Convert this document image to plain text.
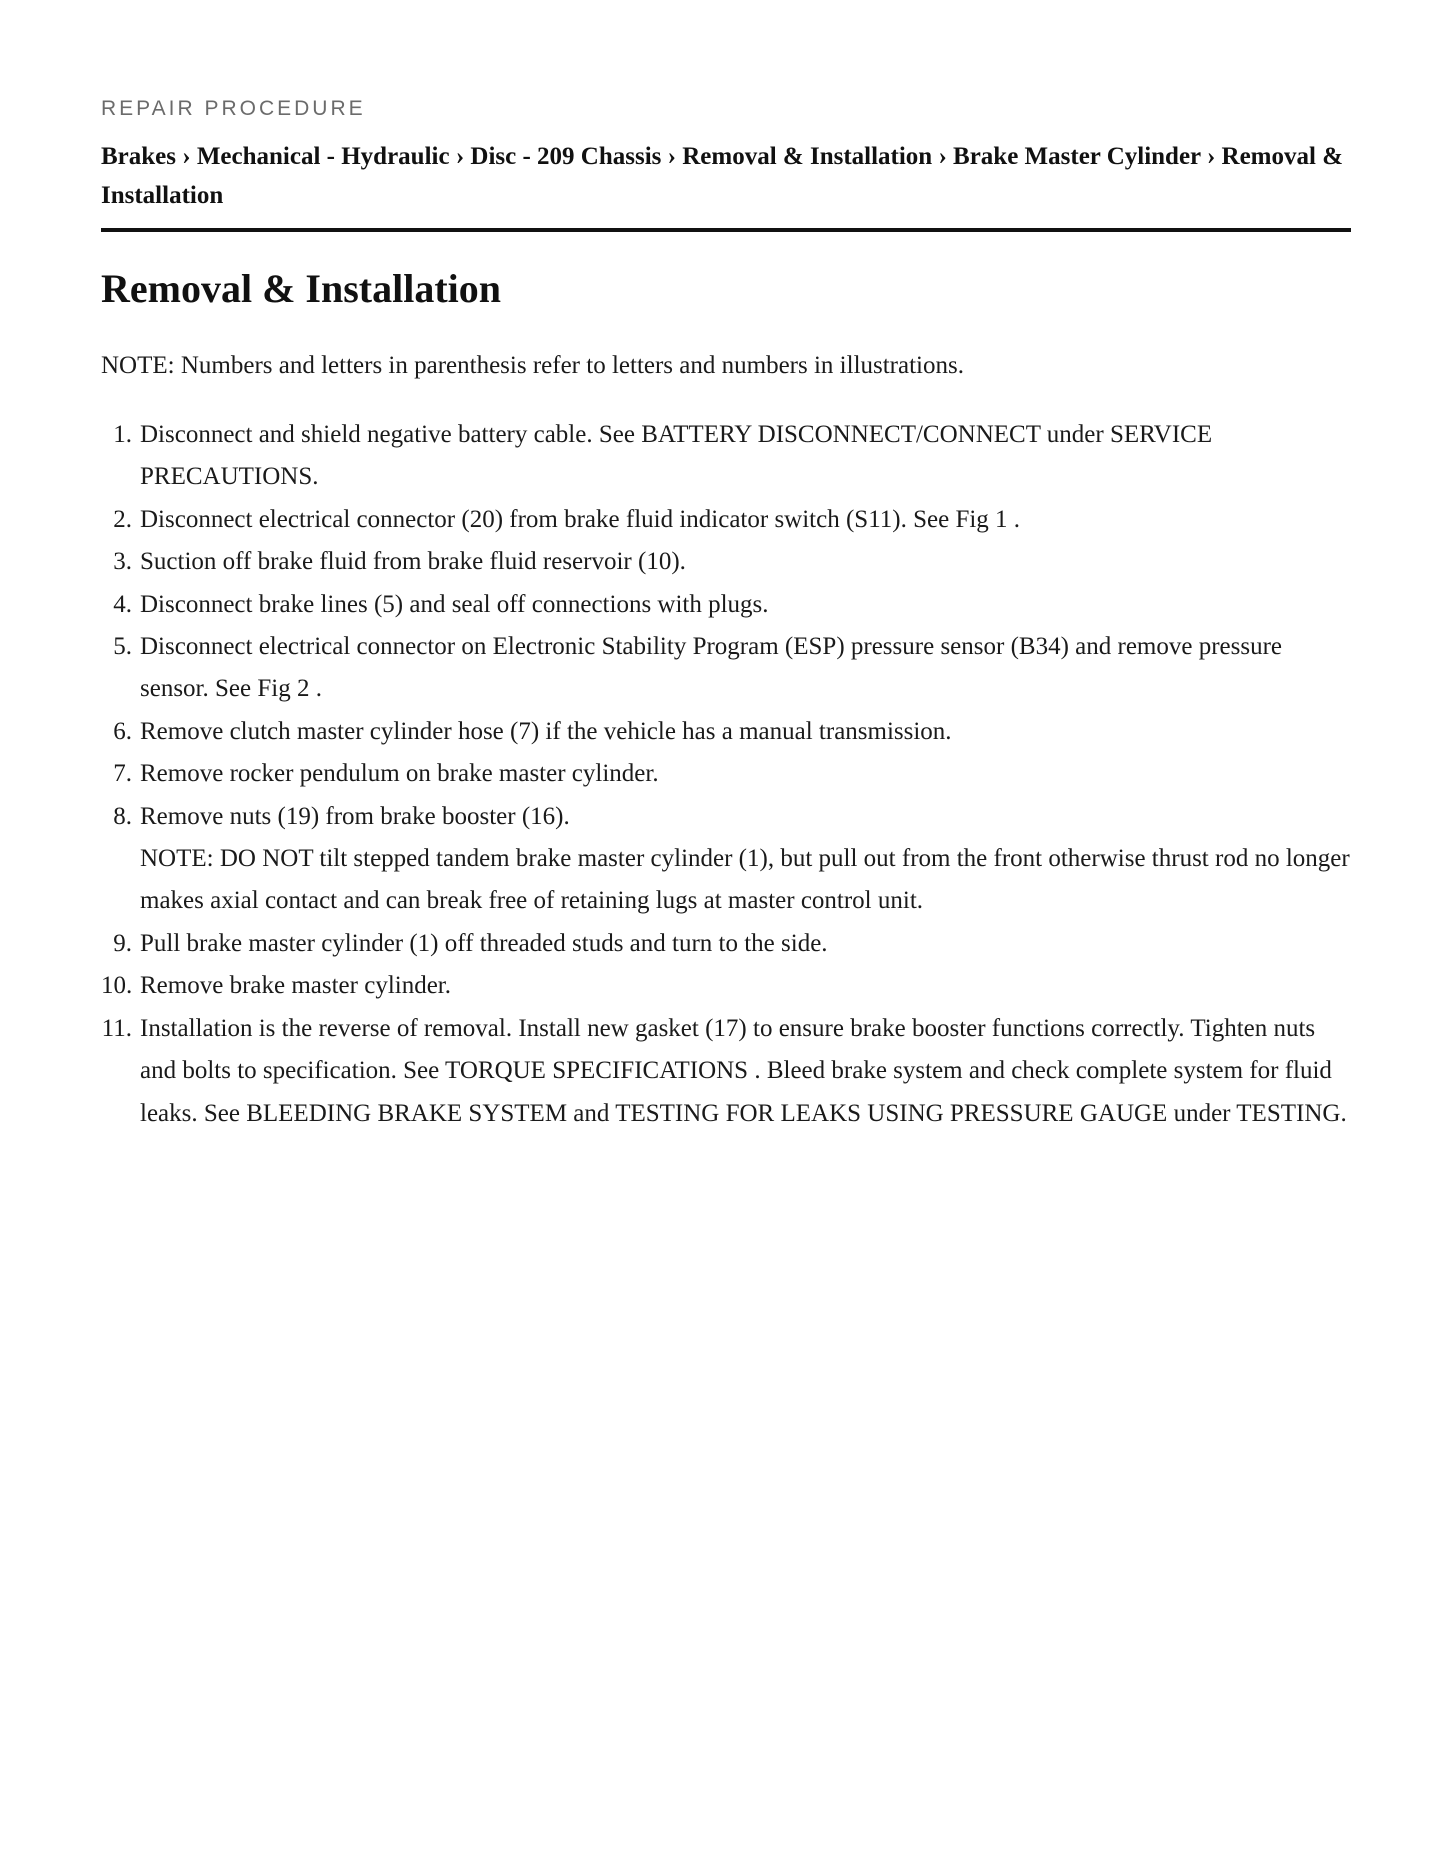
REPAIR PROCEDURE
Brakes › Mechanical - Hydraulic › Disc - 209 Chassis › Removal & Installation › Brake Master Cylinder › Removal & Installation
Removal & Installation

NOTE: Numbers and letters in parenthesis refer to letters and numbers in illustrations.

1. Disconnect and shield negative battery cable. See BATTERY DISCONNECT/CONNECT under SERVICE PRECAUTIONS.
2. Disconnect electrical connector (20) from brake fluid indicator switch (S11). See Fig 1 .
3. Suction off brake fluid from brake fluid reservoir (10).
4. Disconnect brake lines (5) and seal off connections with plugs.
5. Disconnect electrical connector on Electronic Stability Program (ESP) pressure sensor (B34) and remove pressure sensor. See Fig 2 .
6. Remove clutch master cylinder hose (7) if the vehicle has a manual transmission.
7. Remove rocker pendulum on brake master cylinder.
8. Remove nuts (19) from brake booster (16).
NOTE: DO NOT tilt stepped tandem brake master cylinder (1), but pull out from the front otherwise thrust rod no longer makes axial contact and can break free of retaining lugs at master control unit.
9. Pull brake master cylinder (1) off threaded studs and turn to the side.
10. Remove brake master cylinder.
11. Installation is the reverse of removal. Install new gasket (17) to ensure brake booster functions correctly. Tighten nuts and bolts to specification. See TORQUE SPECIFICATIONS . Bleed brake system and check complete system for fluid leaks. See BLEEDING BRAKE SYSTEM and TESTING FOR LEAKS USING PRESSURE GAUGE under TESTING.
